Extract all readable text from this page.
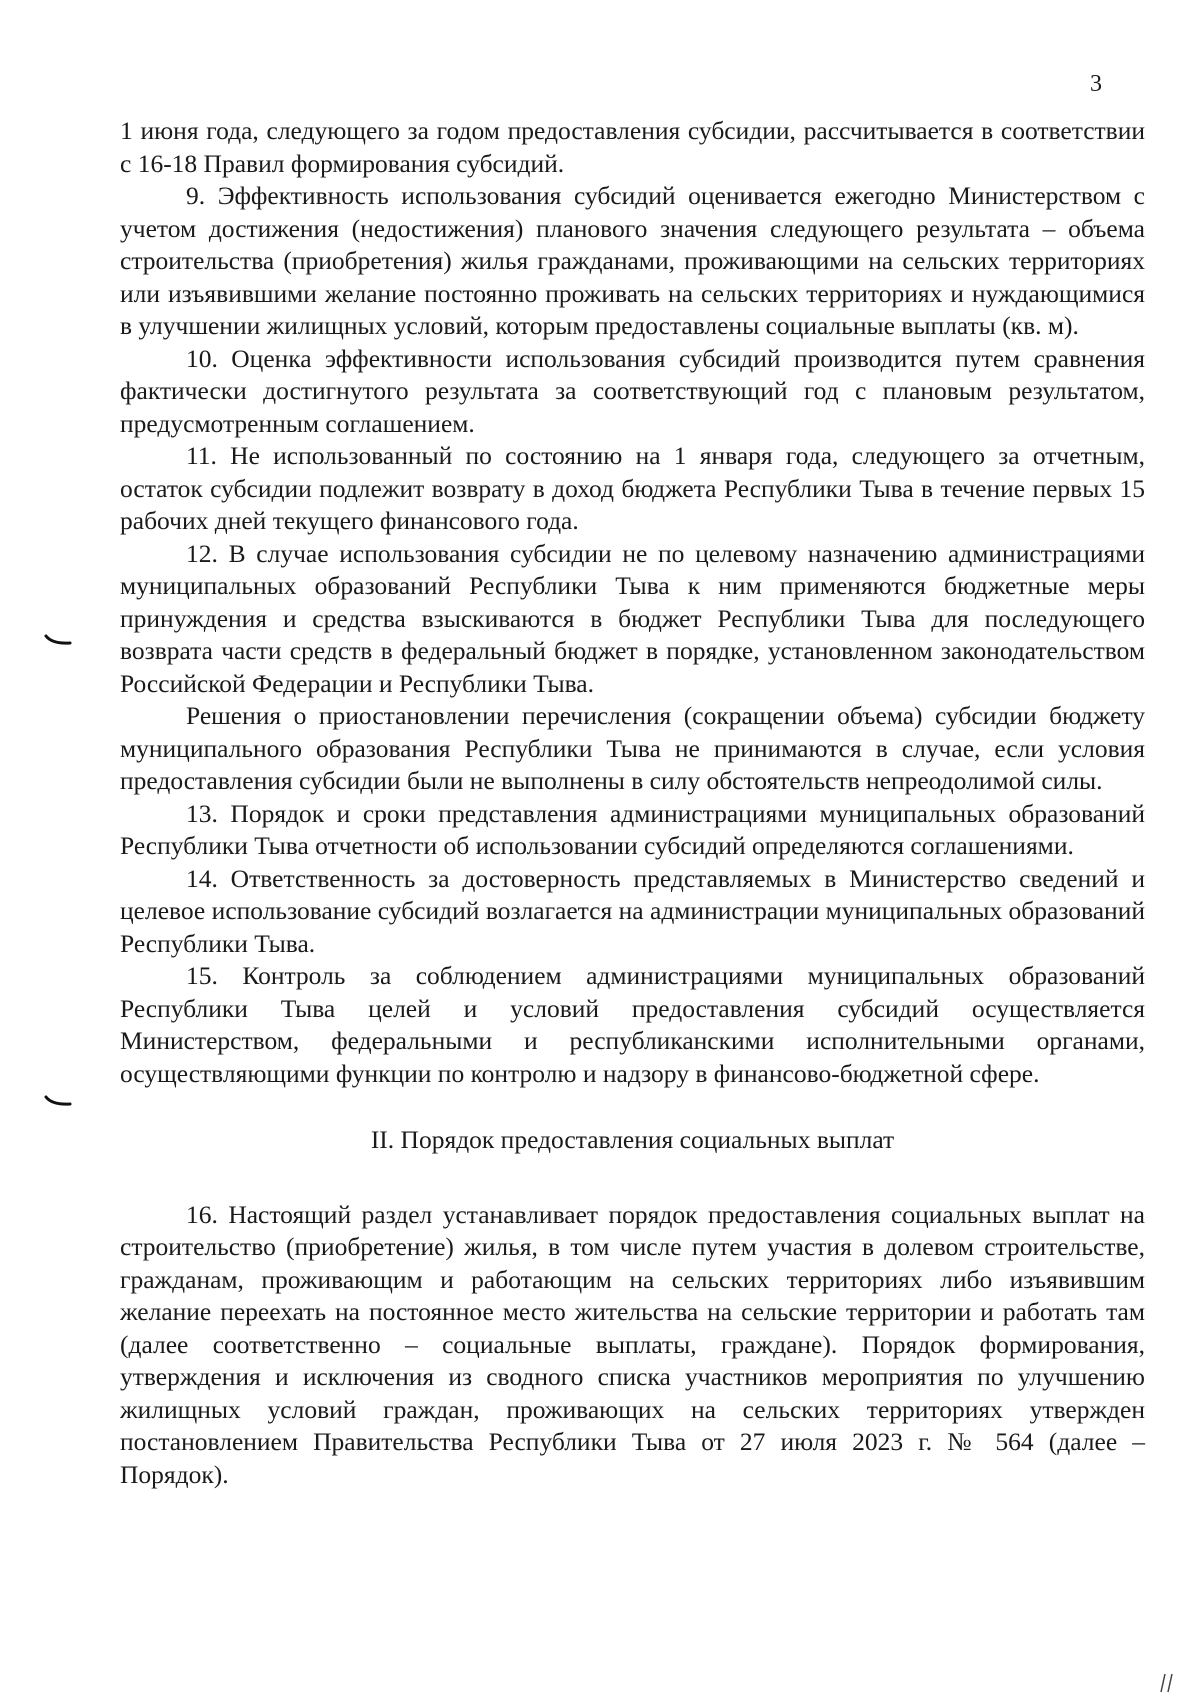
3

1 июня года, следующего за годом предоставления субсидии, рассчитывается в соответствии с 16-18 Правил формирования субсидий.

9. Эффективность использования субсидий оценивается ежегодно Министерством с учетом достижения (недостижения) планового значения следующего результата – объема строительства (приобретения) жилья гражданами, проживающими на сельских территориях или изъявившими желание постоянно проживать на сельских территориях и нуждающимися в улучшении жилищных условий, которым предоставлены социальные выплаты (кв. м).

10. Оценка эффективности использования субсидий производится путем сравнения фактически достигнутого результата за соответствующий год с плановым результатом, предусмотренным соглашением.

11. Не использованный по состоянию на 1 января года, следующего за отчетным, остаток субсидии подлежит возврату в доход бюджета Республики Тыва в течение первых 15 рабочих дней текущего финансового года.

12. В случае использования субсидии не по целевому назначению администрациями муниципальных образований Республики Тыва к ним применяются бюджетные меры принуждения и средства взыскиваются в бюджет Республики Тыва для последующего возврата части средств в федеральный бюджет в порядке, установленном законодательством Российской Федерации и Республики Тыва.

Решения о приостановлении перечисления (сокращении объема) субсидии бюджету муниципального образования Республики Тыва не принимаются в случае, если условия предоставления субсидии были не выполнены в силу обстоятельств непреодолимой силы.

13. Порядок и сроки представления администрациями муниципальных образований Республики Тыва отчетности об использовании субсидий определяются соглашениями.

14. Ответственность за достоверность представляемых в Министерство сведений и целевое использование субсидий возлагается на администрации муниципальных образований Республики Тыва.

15. Контроль за соблюдением администрациями муниципальных образований Республики Тыва целей и условий предоставления субсидий осуществляется Министерством, федеральными и республиканскими исполнительными органами, осуществляющими функции по контролю и надзору в финансово-бюджетной сфере.

II. Порядок предоставления социальных выплат

16. Настоящий раздел устанавливает порядок предоставления социальных выплат на строительство (приобретение) жилья, в том числе путем участия в долевом строительстве, гражданам, проживающим и работающим на сельских территориях либо изъявившим желание переехать на постоянное место жительства на сельские территории и работать там (далее соответственно – социальные выплаты, граждане). Порядок формирования, утверждения и исключения из сводного списка участников мероприятия по улучшению жилищных условий граждан, проживающих на сельских территориях утвержден постановлением Правительства Республики Тыва от 27 июля 2023 г. № 564 (далее – Порядок).
